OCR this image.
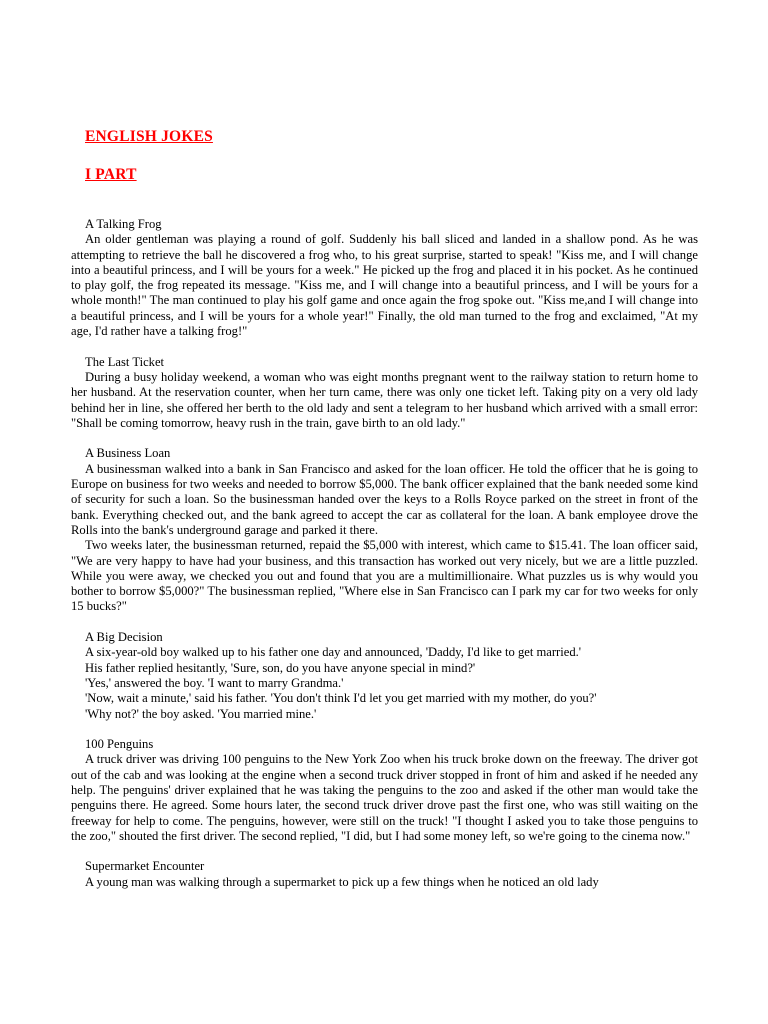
ENGLISH JOKES
I PART

A Talking Frog

An older gentleman was playing a round of golf. Suddenly his ball sliced and landed in a shallow pond. As he was attempting to retrieve the ball he discovered a frog who, to his great surprise, started to speak! "Kiss me, and I will change into a beautiful princess, and I will be yours for a week." He picked up the frog and placed it in his pocket. As he continued to play golf, the frog repeated its message. "Kiss me, and I will change into a beautiful princess, and I will be yours for a whole month!" The man continued to play his golf game and once again the frog spoke out. "Kiss me,and I will change into a beautiful princess, and I will be yours for a whole year!" Finally, the old man turned to the frog and exclaimed, "At my age, I'd rather have a talking frog!"

The Last Ticket

During a busy holiday weekend, a woman who was eight months pregnant went to the railway station to return home to her husband. At the reservation counter, when her turn came, there was only one ticket left. Taking pity on a very old lady behind her in line, she offered her berth to the old lady and sent a telegram to her husband which arrived with a small error: "Shall be coming tomorrow, heavy rush in the train, gave birth to an old lady."

A Business Loan

A businessman walked into a bank in San Francisco and asked for the loan officer. He told the officer that he is going to Europe on business for two weeks and needed to borrow $5,000. The bank officer explained that the bank needed some kind of security for such a loan. So the businessman handed over the keys to a Rolls Royce parked on the street in front of the bank. Everything checked out, and the bank agreed to accept the car as collateral for the loan. A bank employee drove the Rolls into the bank's underground garage and parked it there.

Two weeks later, the businessman returned, repaid the $5,000 with interest, which came to $15.41. The loan officer said, "We are very happy to have had your business, and this transaction has worked out very nicely, but we are a little puzzled. While you were away, we checked you out and found that you are a multimillionaire. What puzzles us is why would you bother to borrow $5,000?" The businessman replied, "Where else in San Francisco can I park my car for two weeks for only 15 bucks?"

A Big Decision

A six-year-old boy walked up to his father one day and announced, 'Daddy, I'd like to get married.'

His father replied hesitantly, 'Sure, son, do you have anyone special in mind?'

'Yes,' answered the boy. 'I want to marry Grandma.'

'Now, wait a minute,' said his father. 'You don't think I'd let you get married with my mother, do you?'

'Why not?' the boy asked. 'You married mine.'

100 Penguins

A truck driver was driving 100 penguins to the New York Zoo when his truck broke down on the freeway. The driver got out of the cab and was looking at the engine when a second truck driver stopped in front of him and asked if he needed any help. The penguins' driver explained that he was taking the penguins to the zoo and asked if the other man would take the penguins there. He agreed. Some hours later, the second truck driver drove past the first one, who was still waiting on the freeway for help to come. The penguins, however, were still on the truck! "I thought I asked you to take those penguins to the zoo," shouted the first driver. The second replied, "I did, but I had some money left, so we're going to the cinema now."

Supermarket Encounter

A young man was walking through a supermarket to pick up a few things when he noticed an old lady
